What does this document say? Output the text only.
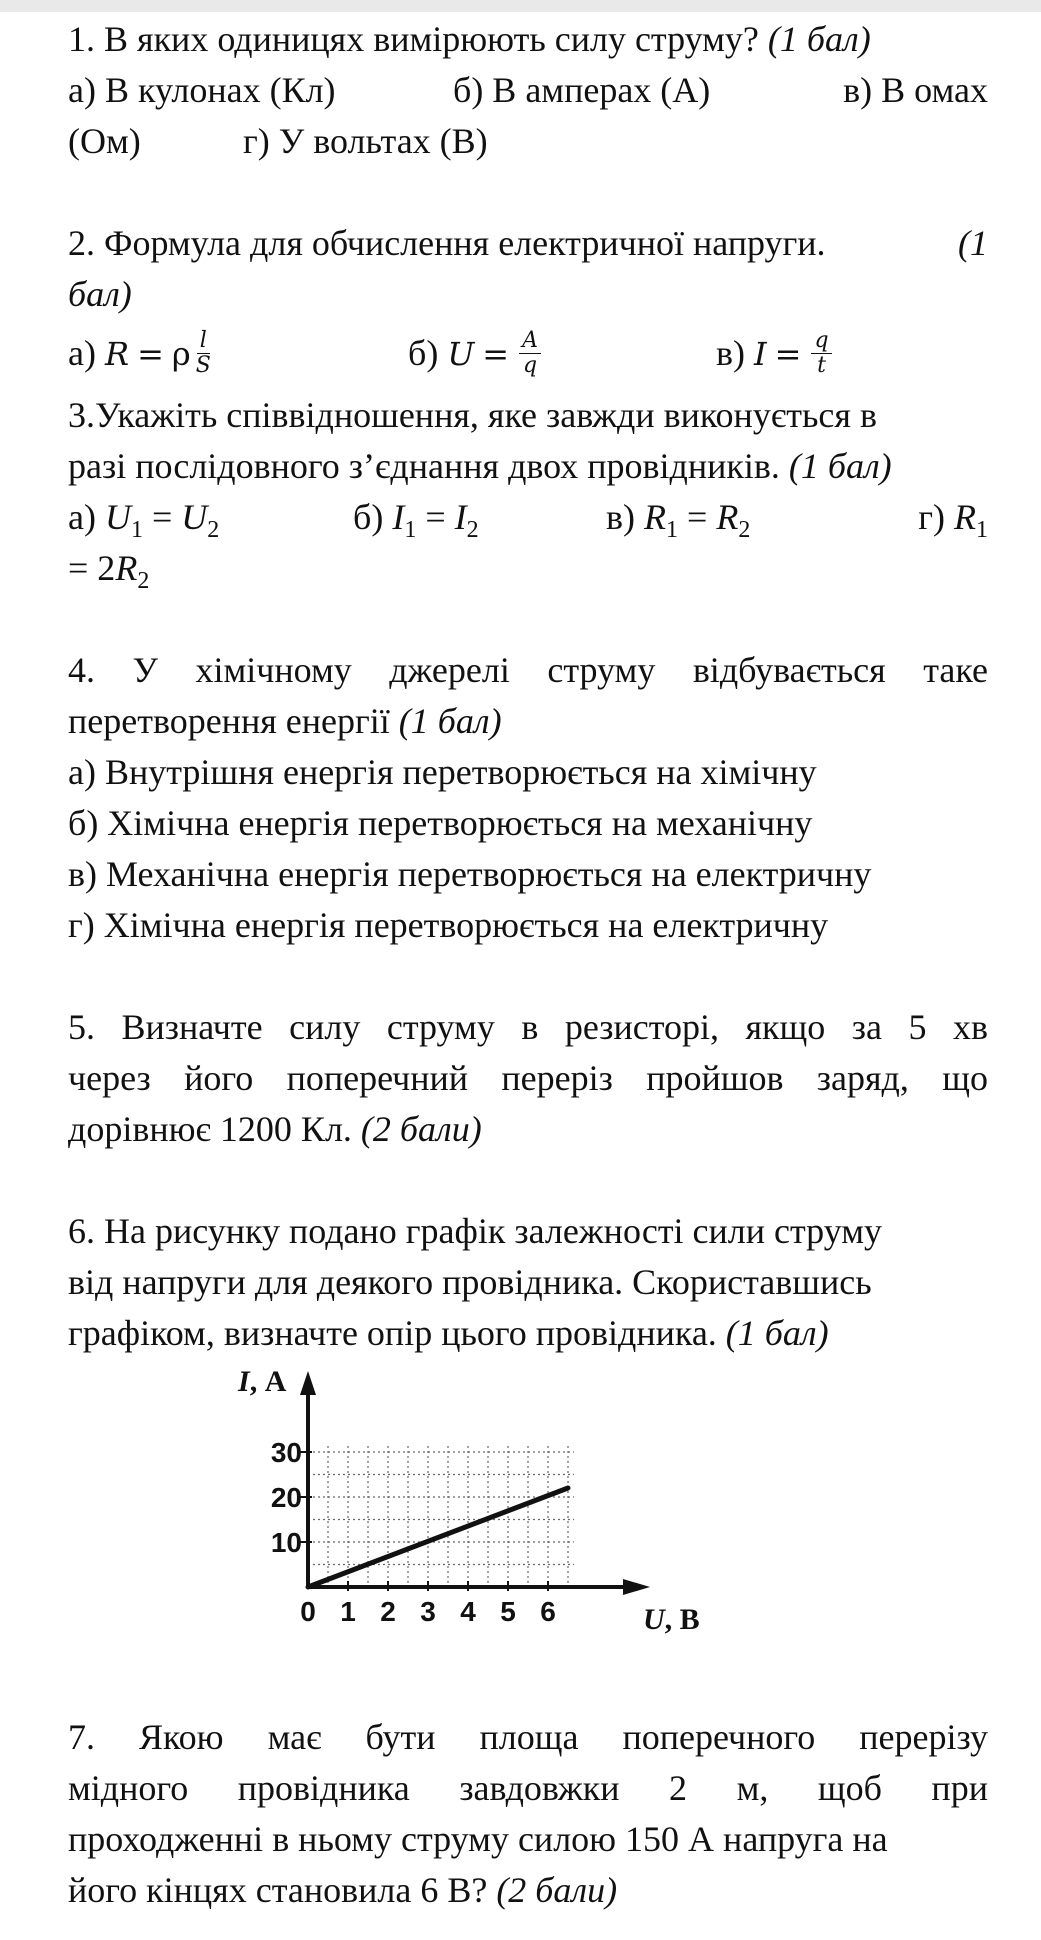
1. В яких одиницях вимірюють силу струму? (1 бал)
а) В кулонах (Кл)	б) В амперах (А)	в) В омах
(Ом)	г) У вольтах (В)
2. Формула для обчислення електричної напруги.	(1
бал)
а) R = ρ $\frac{l}{S}$	б) $U = \frac{A}{q}$	в) $I = \frac{q}{t}$
3.Укажіть співвідношення, яке завжди виконується в
разі послідовного з’єднання двох провідників. (1 бал)
а) $U_1 = U_2$	б) $I_1 = I_2$	в) $R_1 = R_2$	г) $R_1$
= $2R_2$
4. У хімічному джерелі струму відбувається таке
перетворення енергії (1 бал)
а) Внутрішня енергія перетворюється на хімічну
б) Хімічна енергія перетворюється на механічну
в) Механічна енергія перетворюється на електричну
г) Хімічна енергія перетворюється на електричну
5. Визначте силу струму в резисторі, якщо за 5 хв
через його поперечний переріз пройшов заряд, що
дорівнює 1200 Кл. (2 бали)
6. На рисунку подано графік залежності сили струму
від напруги для деякого провідника. Скориставшись
графіком, визначте опір цього провідника. (1 бал)
0 1 2 3 4 5 6
10
20
30
I, А
U, В
7. Якою має бути площа поперечного перерізу
мідного провідника завдовжки 2 м, щоб при
проходженні в ньому струму силою 150 А напруга на
його кінцях становила 6 В? (2 бали)
